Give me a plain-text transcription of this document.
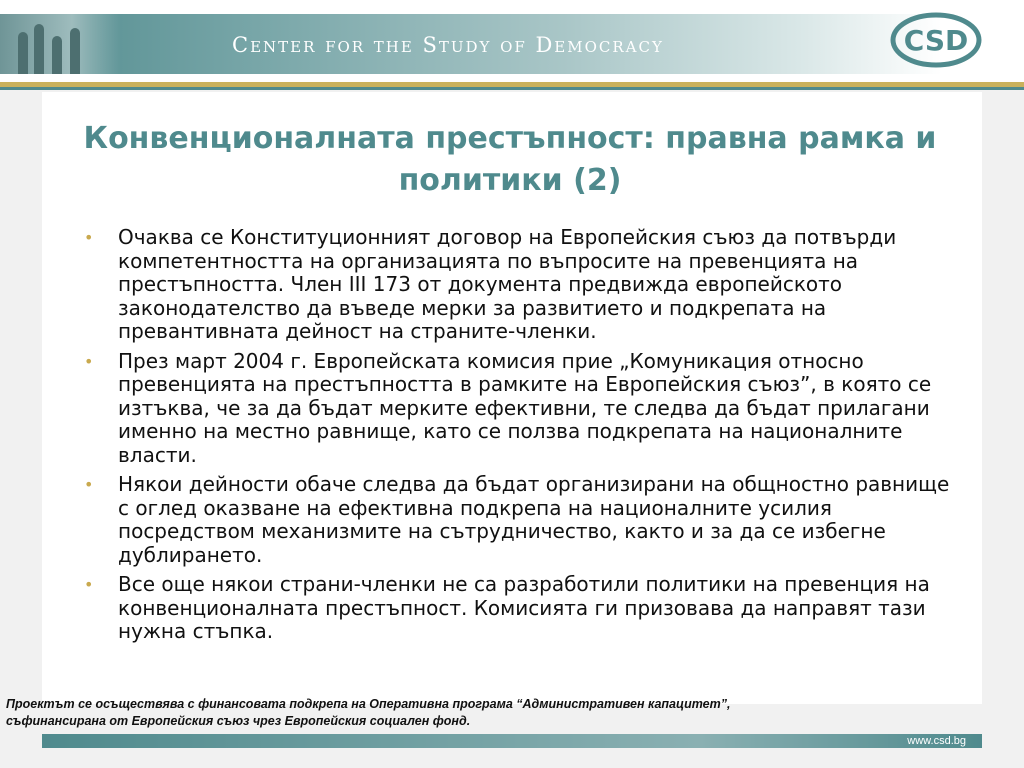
Center for the Study of Democracy	CSD
Конвенционалната престъпност: правна рамка и политики (2)
• Очаква се Конституционният договор на Европейския съюз да потвърди компетентността на организацията по въпросите на превенцията на престъпността. Член III 173 от документа предвижда европейското законодателство да въведе мерки за развитието и подкрепата на превантивната дейност на страните-членки.
• През март 2004 г. Европейската комисия прие „Комуникация относно превенцията на престъпността в рамките на Европейския съюз”, в която се изтъква, че за да бъдат мерките ефективни, те следва да бъдат прилагани именно на местно равнище, като се ползва подкрепата на националните власти.
• Някои дейности обаче следва да бъдат организирани на общностно равнище с оглед оказване на ефективна подкрепа на националните усилия посредством механизмите на сътрудничество, както и за да се избегне дублирането.
• Все още някои страни-членки не са разработили политики на превенция на конвенционалната престъпност. Комисията ги призовава да направят тази нужна стъпка.
Проектът се осъществява с финансовата подкрепа на Оперативна програма “Административен капацитет”,
съфинансирана от Европейския съюз чрез Европейския социален фонд.
www.csd.bg
